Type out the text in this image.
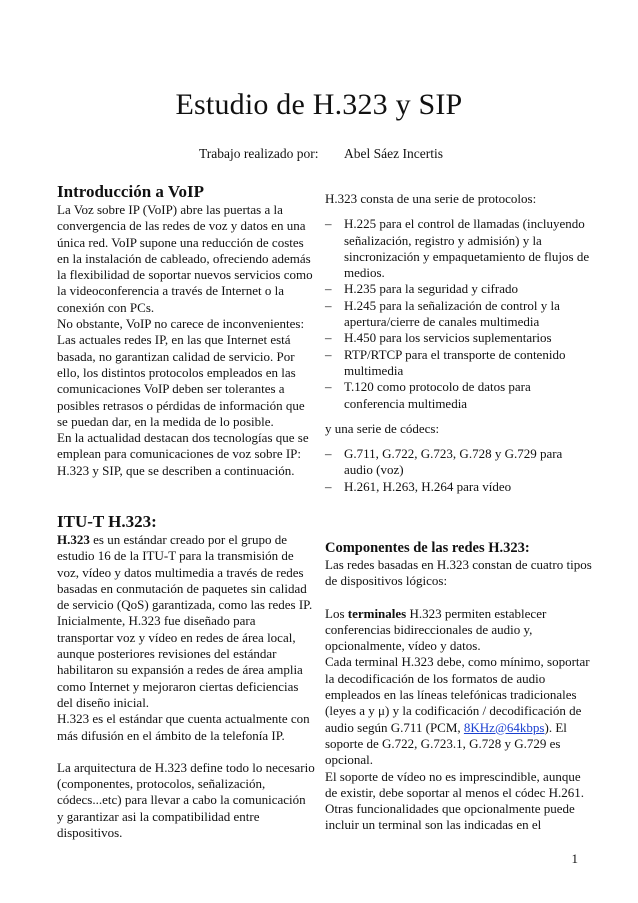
Estudio de H.323 y SIP
Trabajo realizado por: Abel Sáez Incertis

Introducción a VoIP

La Voz sobre IP (VoIP) abre las puertas a la convergencia de las redes de voz y datos en una única red. VoIP supone una reducción de costes en la instalación de cableado, ofreciendo además la flexibilidad de soportar nuevos servicios como la videoconferencia a través de Internet o la conexión con PCs.

No obstante, VoIP no carece de inconvenientes: Las actuales redes IP, en las que Internet está basada, no garantizan calidad de servicio. Por ello, los distintos protocolos empleados en las comunicaciones VoIP deben ser tolerantes a posibles retrasos o pérdidas de información que se puedan dar, en la medida de lo posible.

En la actualidad destacan dos tecnologías que se emplean para comunicaciones de voz sobre IP: H.323 y SIP, que se describen a continuación.

H.323 consta de una serie de protocolos:

– H.225 para el control de llamadas (incluyendo señalización, registro y admisión) y la sincronización y empaquetamiento de flujos de medios.
– H.235 para la seguridad y cifrado
– H.245 para la señalización de control y la apertura/cierre de canales multimedia
– H.450 para los servicios suplementarios
– RTP/RTCP para el transporte de contenido multimedia
– T.120 como protocolo de datos para conferencia multimedia

y una serie de códecs:

– G.711, G.722, G.723, G.728 y G.729 para audio (voz)
– H.261, H.263, H.264 para vídeo

ITU-T H.323:

H.323 es un estándar creado por el grupo de estudio 16 de la ITU-T para la transmisión de voz, vídeo y datos multimedia a través de redes basadas en conmutación de paquetes sin calidad de servicio (QoS) garantizada, como las redes IP.

Inicialmente, H.323 fue diseñado para transportar voz y vídeo en redes de área local, aunque posteriores revisiones del estándar habilitaron su expansión a redes de área amplia como Internet y mejoraron ciertas deficiencias del diseño inicial.

H.323 es el estándar que cuenta actualmente con más difusión en el ámbito de la telefonía IP.

La arquitectura de H.323 define todo lo necesario (componentes, protocolos, señalización, códecs...etc) para llevar a cabo la comunicación y garantizar asi la compatibilidad entre dispositivos.

Componentes de las redes H.323:

Las redes basadas en H.323 constan de cuatro tipos de dispositivos lógicos:

Los terminales H.323 permiten establecer conferencias bidireccionales de audio y, opcionalmente, vídeo y datos.

Cada terminal H.323 debe, como mínimo, soportar la decodificación de los formatos de audio empleados en las líneas telefónicas tradicionales (leyes a y μ) y la codificación / decodificación de audio según G.711 (PCM, 8KHz@64kbps). El soporte de G.722, G.723.1, G.728 y G.729 es opcional.

El soporte de vídeo no es imprescindible, aunque de existir, debe soportar al menos el códec H.261.

Otras funcionalidades que opcionalmente puede incluir un terminal son las indicadas en el

1
